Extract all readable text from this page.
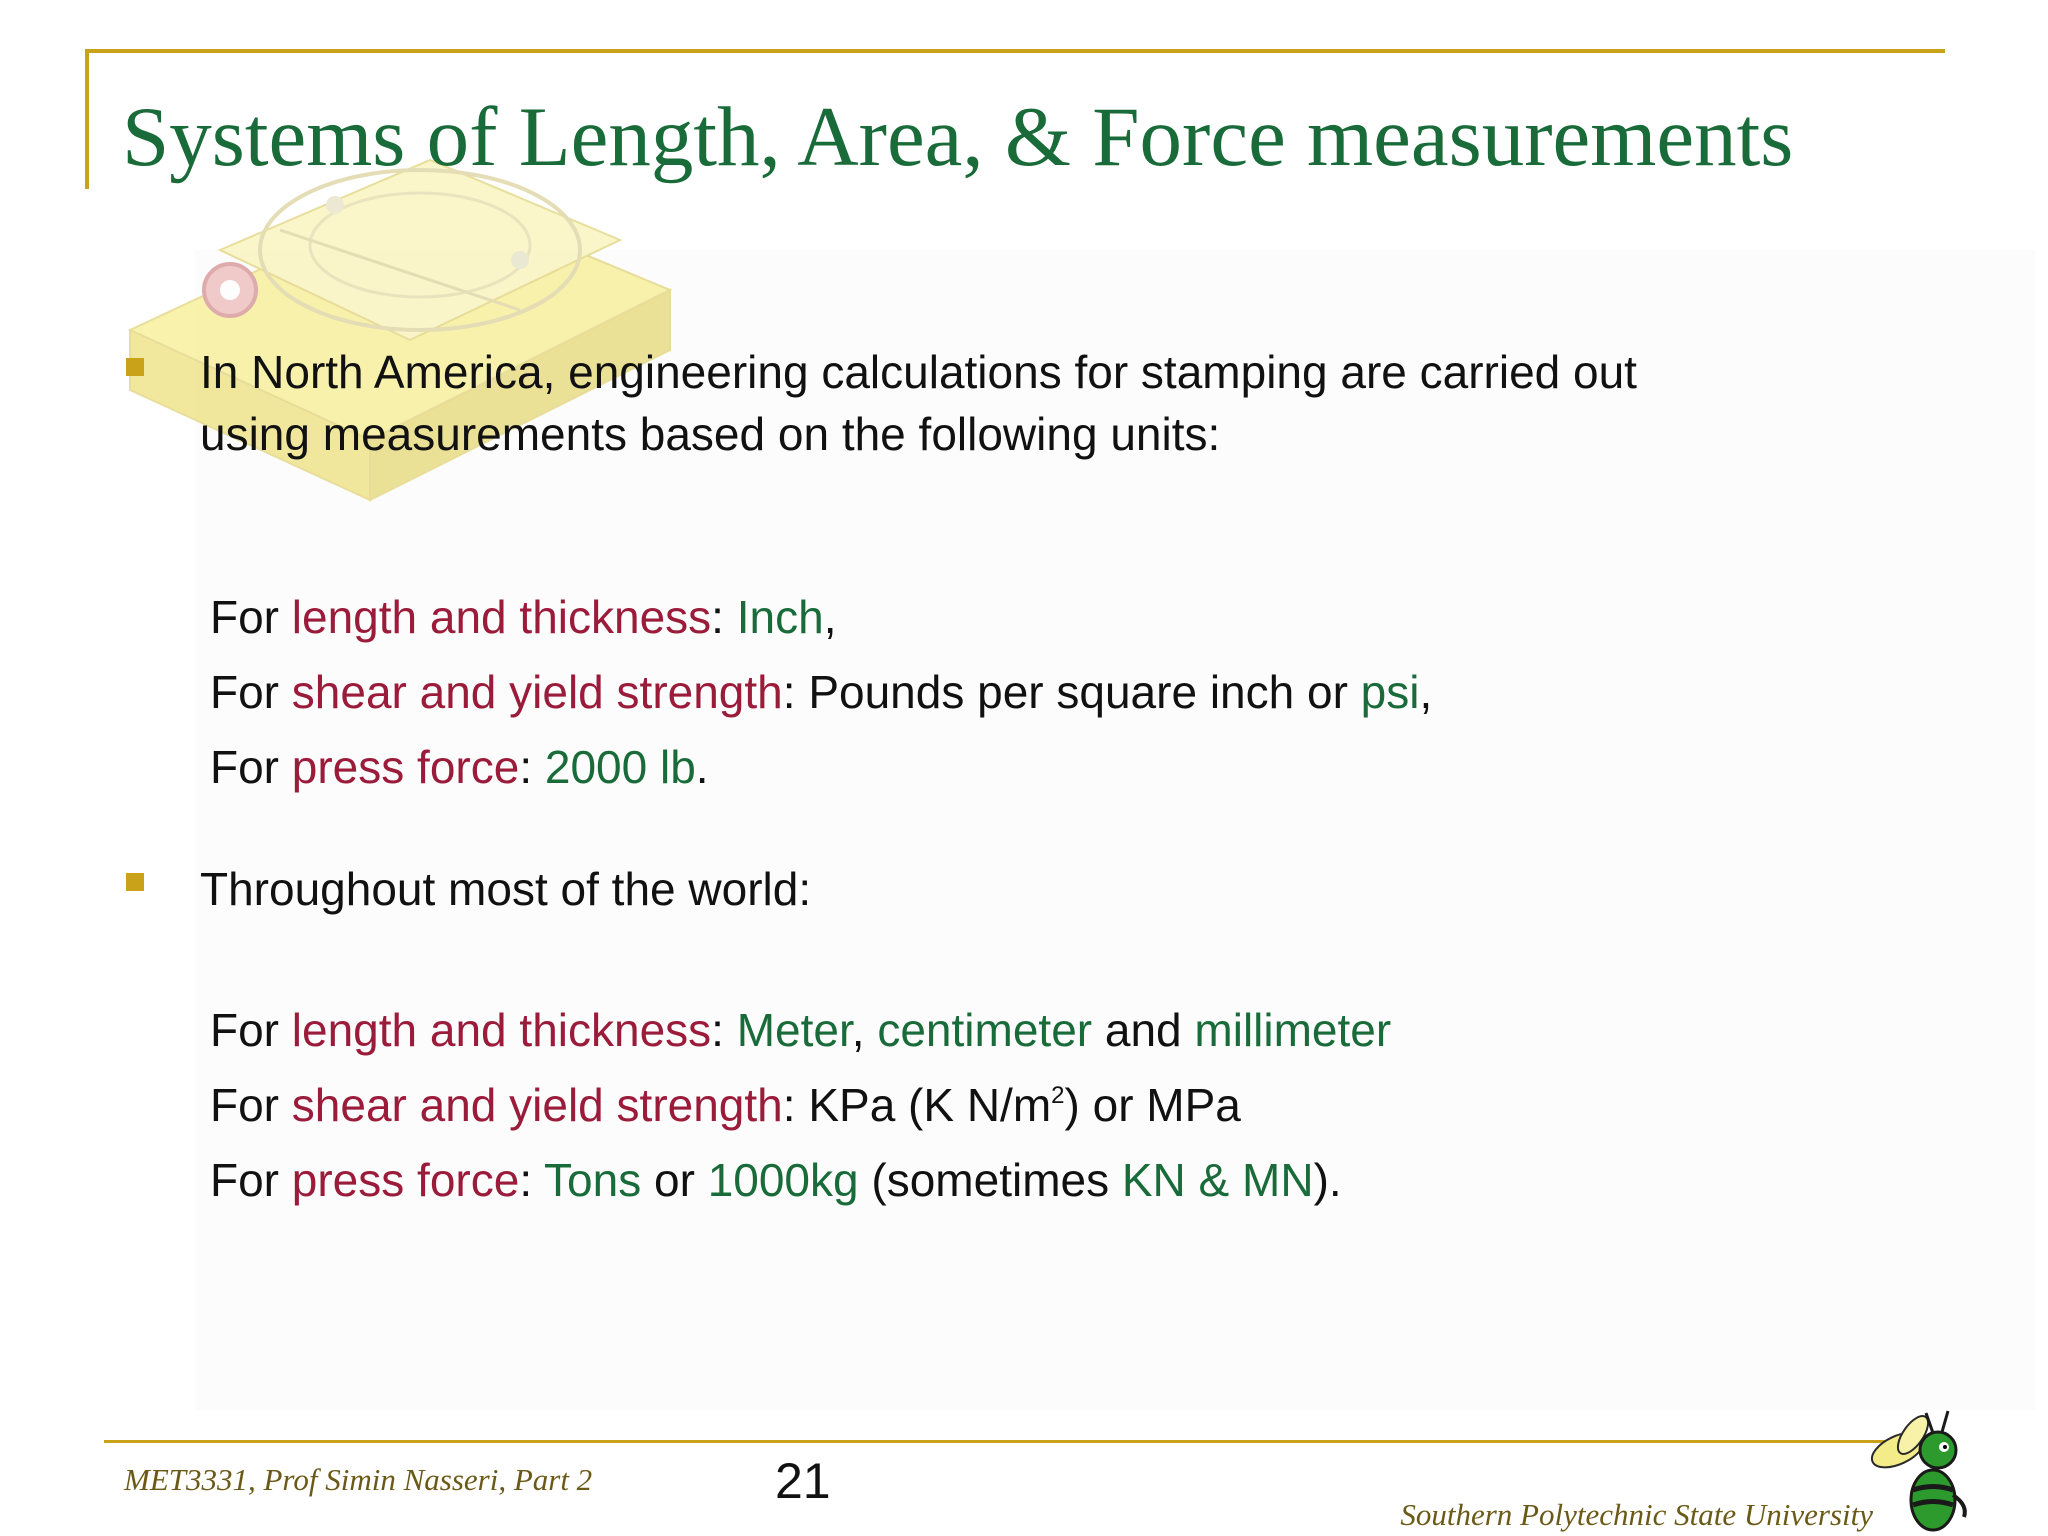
Systems of Length, Area, & Force measurements

In North America, engineering calculations for stamping are carried out
using measurements based on the following units:

For length and thickness: Inch,
For shear and yield strength: Pounds per square inch or psi,
For press force: 2000 lb.

Throughout most of the world:

For length and thickness: Meter, centimeter and millimeter
For shear and yield strength: KPa (K $N/m^2$) or MPa
For press force: Tons or 1000kg (sometimes KN & MN).
MET3331, Prof Simin Nasseri, Part 2	21
Southern Polytechnic State University
